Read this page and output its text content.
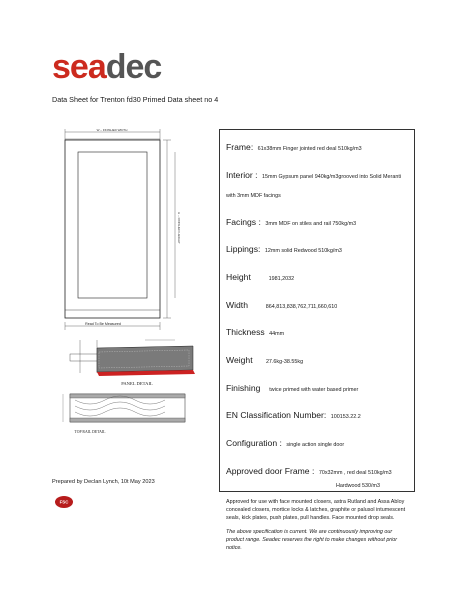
seadec
Data Sheet for Trenton fd30 Primed Data sheet no 4
W – FINISHED WIDTH
H – FINISHED HEIGHT
Read To Be Measured
PANEL DETAIL
TOP RAIL DETAIL
Frame: 61x38mm Finger jointed red deal 510kg/m3
Interior : 15mm Gypsum panel 940kg/m3grooved into Solid Meranti with 3mm MDF facings
Facings : 3mm MDF on stiles and rail 750kg/m3
Lippings: 12mm solid Redwood 510kg/m3
Height	1981,2032
Width	864,813,838,762,711,660,610
Thickness 44mm
Weight 27.6kg-38.55kg
Finishing twice primed with water based primer
EN Classification Number: 100153.22.2
Configuration : single action single door
Approved door Frame : 70x32mm , red deal 510kg/m3
Hardwood 530/m3
Approved for use with face mounted closers, astra Rutland and Assa Abloy concealed closers, mortice locks & latches, graphite or palusol intumescent seals, kick plates, push plates, pull handles. Face mounted drop seals.
The above specification is current. We are continuously improving our product range. Seadec reserves the right to make changes without prior notice.
Prepared by Declan Lynch, 10t May 2023
FSC
